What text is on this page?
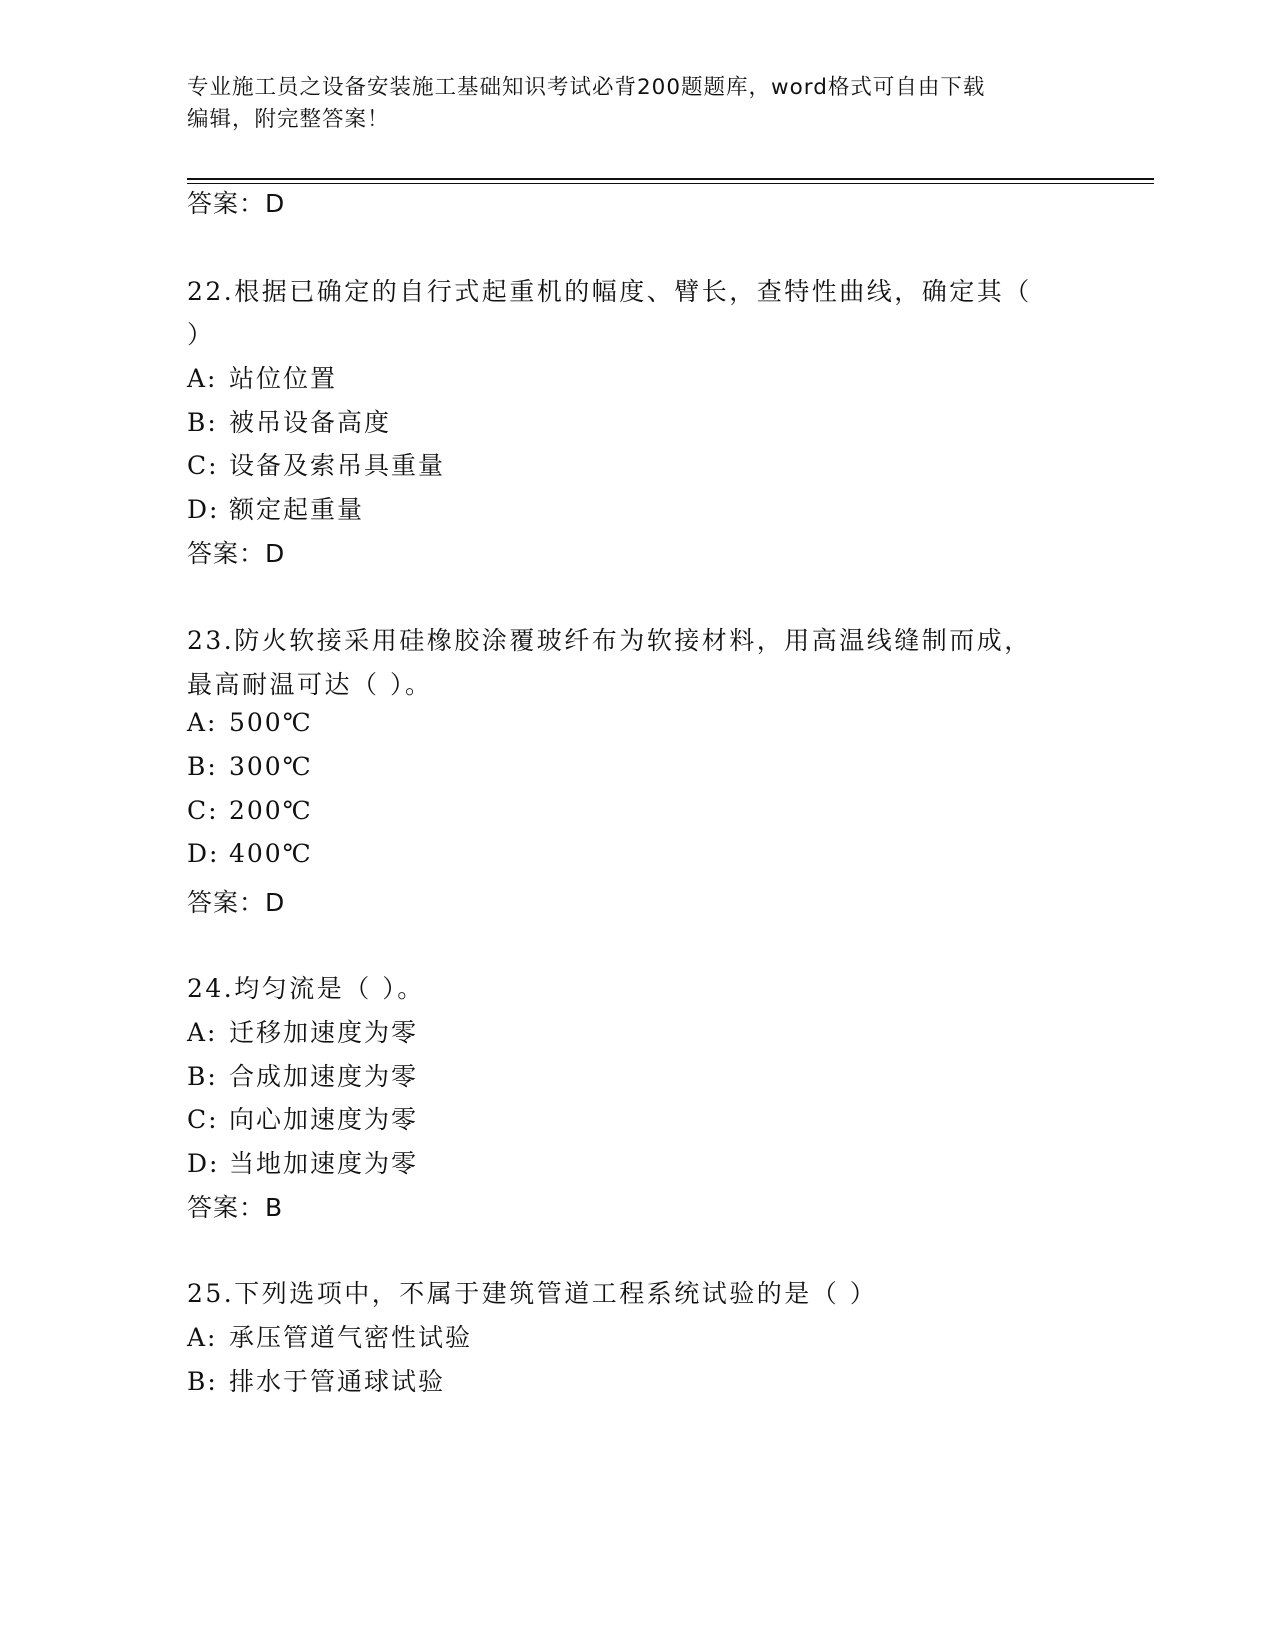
专业施工员之设备安装施工基础知识考试必背200题题库，word格式可自由下载
编辑，附完整答案！
答案：D
22.根据已确定的自行式起重机的幅度、臂长，查特性曲线，确定其（
）
A: 站位位置
B: 被吊设备高度
C: 设备及索吊具重量
D: 额定起重量
答案：D
23.防火软接采用硅橡胶涂覆玻纤布为软接材料，用高温线缝制而成，
最高耐温可达（ ）。
A: 500℃
B: 300℃
C: 200℃
D: 400℃
答案：D
24.均匀流是（ ）。
A: 迁移加速度为零
B: 合成加速度为零
C: 向心加速度为零
D: 当地加速度为零
答案：B
25.下列选项中，不属于建筑管道工程系统试验的是（ ）
A: 承压管道气密性试验
B: 排水于管通球试验
